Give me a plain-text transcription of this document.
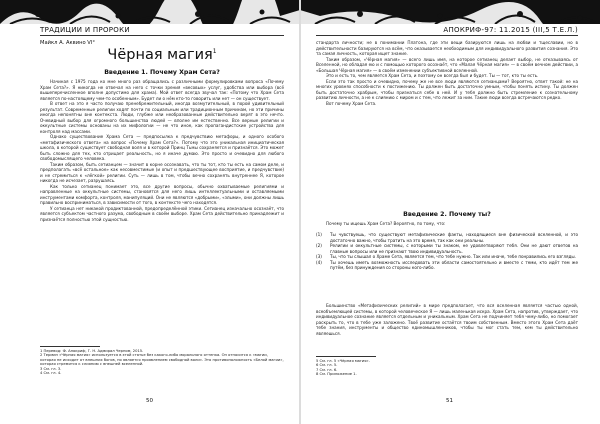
ТРАДИЦИИ И ПРОРОКИ
Майкл А. Аквино VI°
Чёрная магия$^1$
Введение 1. Почему Храм Сета?

Начиная с 1975 года ко мне много раз обращались с различными формулировками вопроса «Почему Храм Сета?». Я никогда не отвечал на него с точки зрения «весовых» услуг, удобства или выбора (всё вышеперечисленное вполне допустимо для храма). Мой ответ всегда звучал так: «Потому что Храм Сета является по-настоящему чем-то особенным». Будет ли о нём кто-то говорить или нет — он существует.

В ответ на это я часто получаю пренебрежительный, иногда возмутительный, в порой удивительный результат. Современные религии ходят почти по социальным или традиционным причинам, но эти причины иногда непонятны вне контекста. Люди, глубже или необразованные действительно верят в это нечто. Очевидный выбор для огромного большинства людей — вполне им естественно. Все верные религии и оккультные системы основаны на их мифологии — не что иное, как пропагандистские устройства для контроля над массами.

Однако существование Храма Сета — предпосылка к предчувствию метафоры, и одного особого «метафизического ответа» на вопрос «Почему Храм Сета?». Потому что это уникальная инициатическая школа, в которой существует свободная воля и в которой Принц Тьмы сохраняется и признаётся. Это может быть сложно для тех, кто отрицает реальность, но я иначе думаю. Это просто и очевидно для любого свободомыслящего человека.

Таким образом, быть сетианцем — значит в корне осознавать, что ты тот, кто ты есть на самом деле, и предполагать «всё остальное» как несовместимые (и опыт и предшествующее восприятие, и предчувствие) и не стремиться к «лёгкой» религии. Суть — лишь в том, чтобы вечно сохранять внутреннее Я, которое никогда не исчезает, разрушаясь.

Как только сетианец понимает это, все другие вопросы, обычно охватываемые религиями и направленные на оккультные системы, становятся для него лишь интеллектуальными и оставляемыми инструментами комфорта, контроля, манипуляций. Они не являются «добрыми», «злыми», они должны лишь правильно восприниматься, в зависимости от того, в контексте чего находятся.

У сетианца нет никакой продиктованной, предопределённой этики. Сетианец изначально осознаёт, что является субъектом частного разума, свободным в своём выборе. Храм Сета действительно принадлежит и признаётся полностью этой сущностью.

1 Перевод: Ф. Апокриф, Г. Н. Адмирал Черном, 2015.

2 Термин «Чёрная магия» используется в этой статье без какого-либо морального оттенка. Он относится к «магии, которая не исходит от внешних богов, но является проявлением свободной воли». Это противоположность «Белой магии», которая стремится к слиянию с внешней вселенной.

3 См. гл. 3.

4 См. гл. 4.

50
АПОКРИФ-97: 11.2015 (ІІІ,5 Т.Е.Л.)

стандарта личности; не в понимании Платона, где эти вещи базируются лишь на любви и тщеславии, но в действительности базируются на всём, что оказывается необходимым для индивидуального развития сознания. Это та самая личность, которая ищет знание.

Таким образом, «Чёрная магия» — всего лишь имя, на которое сетианец делает выбор, не отказываясь от Вселенной, но обладая ею и с помощью которого осознаёт, что «Малая Чёрная магия» — в своём вечном действии, а «Большая Чёрная магия» — в своём изменении субъективной вселенной.

Это и есть то, чем является Храм Сета, и поэтому он всегда был и будет. Ты — тот, кто ты есть.

Если это так просто и очевидно, почему же не все люди являются сетианцами? Вероятно, ответ такой: не на многих уровнях способности к постижению. Ты должен быть достаточно умным, чтобы понять истину. Ты должен быть достаточно храбрым, чтобы признаться себе в ней. И у тебя должно быть стремление к сознательному развитию личности, а не к слиянию с миром и с тем, что лежит за ним. Такие люди всегда встречаются редко.

Вот почему Храм Сета.

Введение 2. Почему ты?

Почему ты ищешь Храм Сета? Вероятно, по тому, что:

(1)	Ты чувствуешь, что существуют метафизические факты, находящиеся вне физической вселенной, и это достаточно важно, чтобы тратить на это время, так как они реальны.
(2)	Религии и оккультные системы, с которыми ты знаком, не удовлетворяют тебя. Они не дают ответов на главные вопросы или не признают твою индивидуальность.
(3)	Ты, что ты слышал о Храме Сета, является тем, что тебе нужно. Так или иначе, тебе понравились его взгляды.
(4)	Ты хочешь иметь возможность исследовать эти области самостоятельно и вместе с теми, кто идёт тем же путём, без принуждения со стороны кого-либо.

Большинство «Метафизических религий» в мире предполагает, что вся вселенная является частью одной, всеобъемлющей системы, в которой человеческое Я — лишь маленькая искра. Храм Сета, напротив, утверждает, что индивидуальное сознание является отдельным и уникальным. Храм Сета не подчиняет тебя чему-либо, но помогает раскрыть то, что в тебе уже заложено. Твоё развитие остаётся твоим собственным. Вместо этого Храм Сета даёт тебе знания, инструменты и общество единомышленников, чтобы ты мог стать тем, кем ты действительно являешься.

5 См. гл. 5 «Чёрная магия».

6 См. гл. 5.

7 См. гл. 6.

8 См. Приложение 1.

51
